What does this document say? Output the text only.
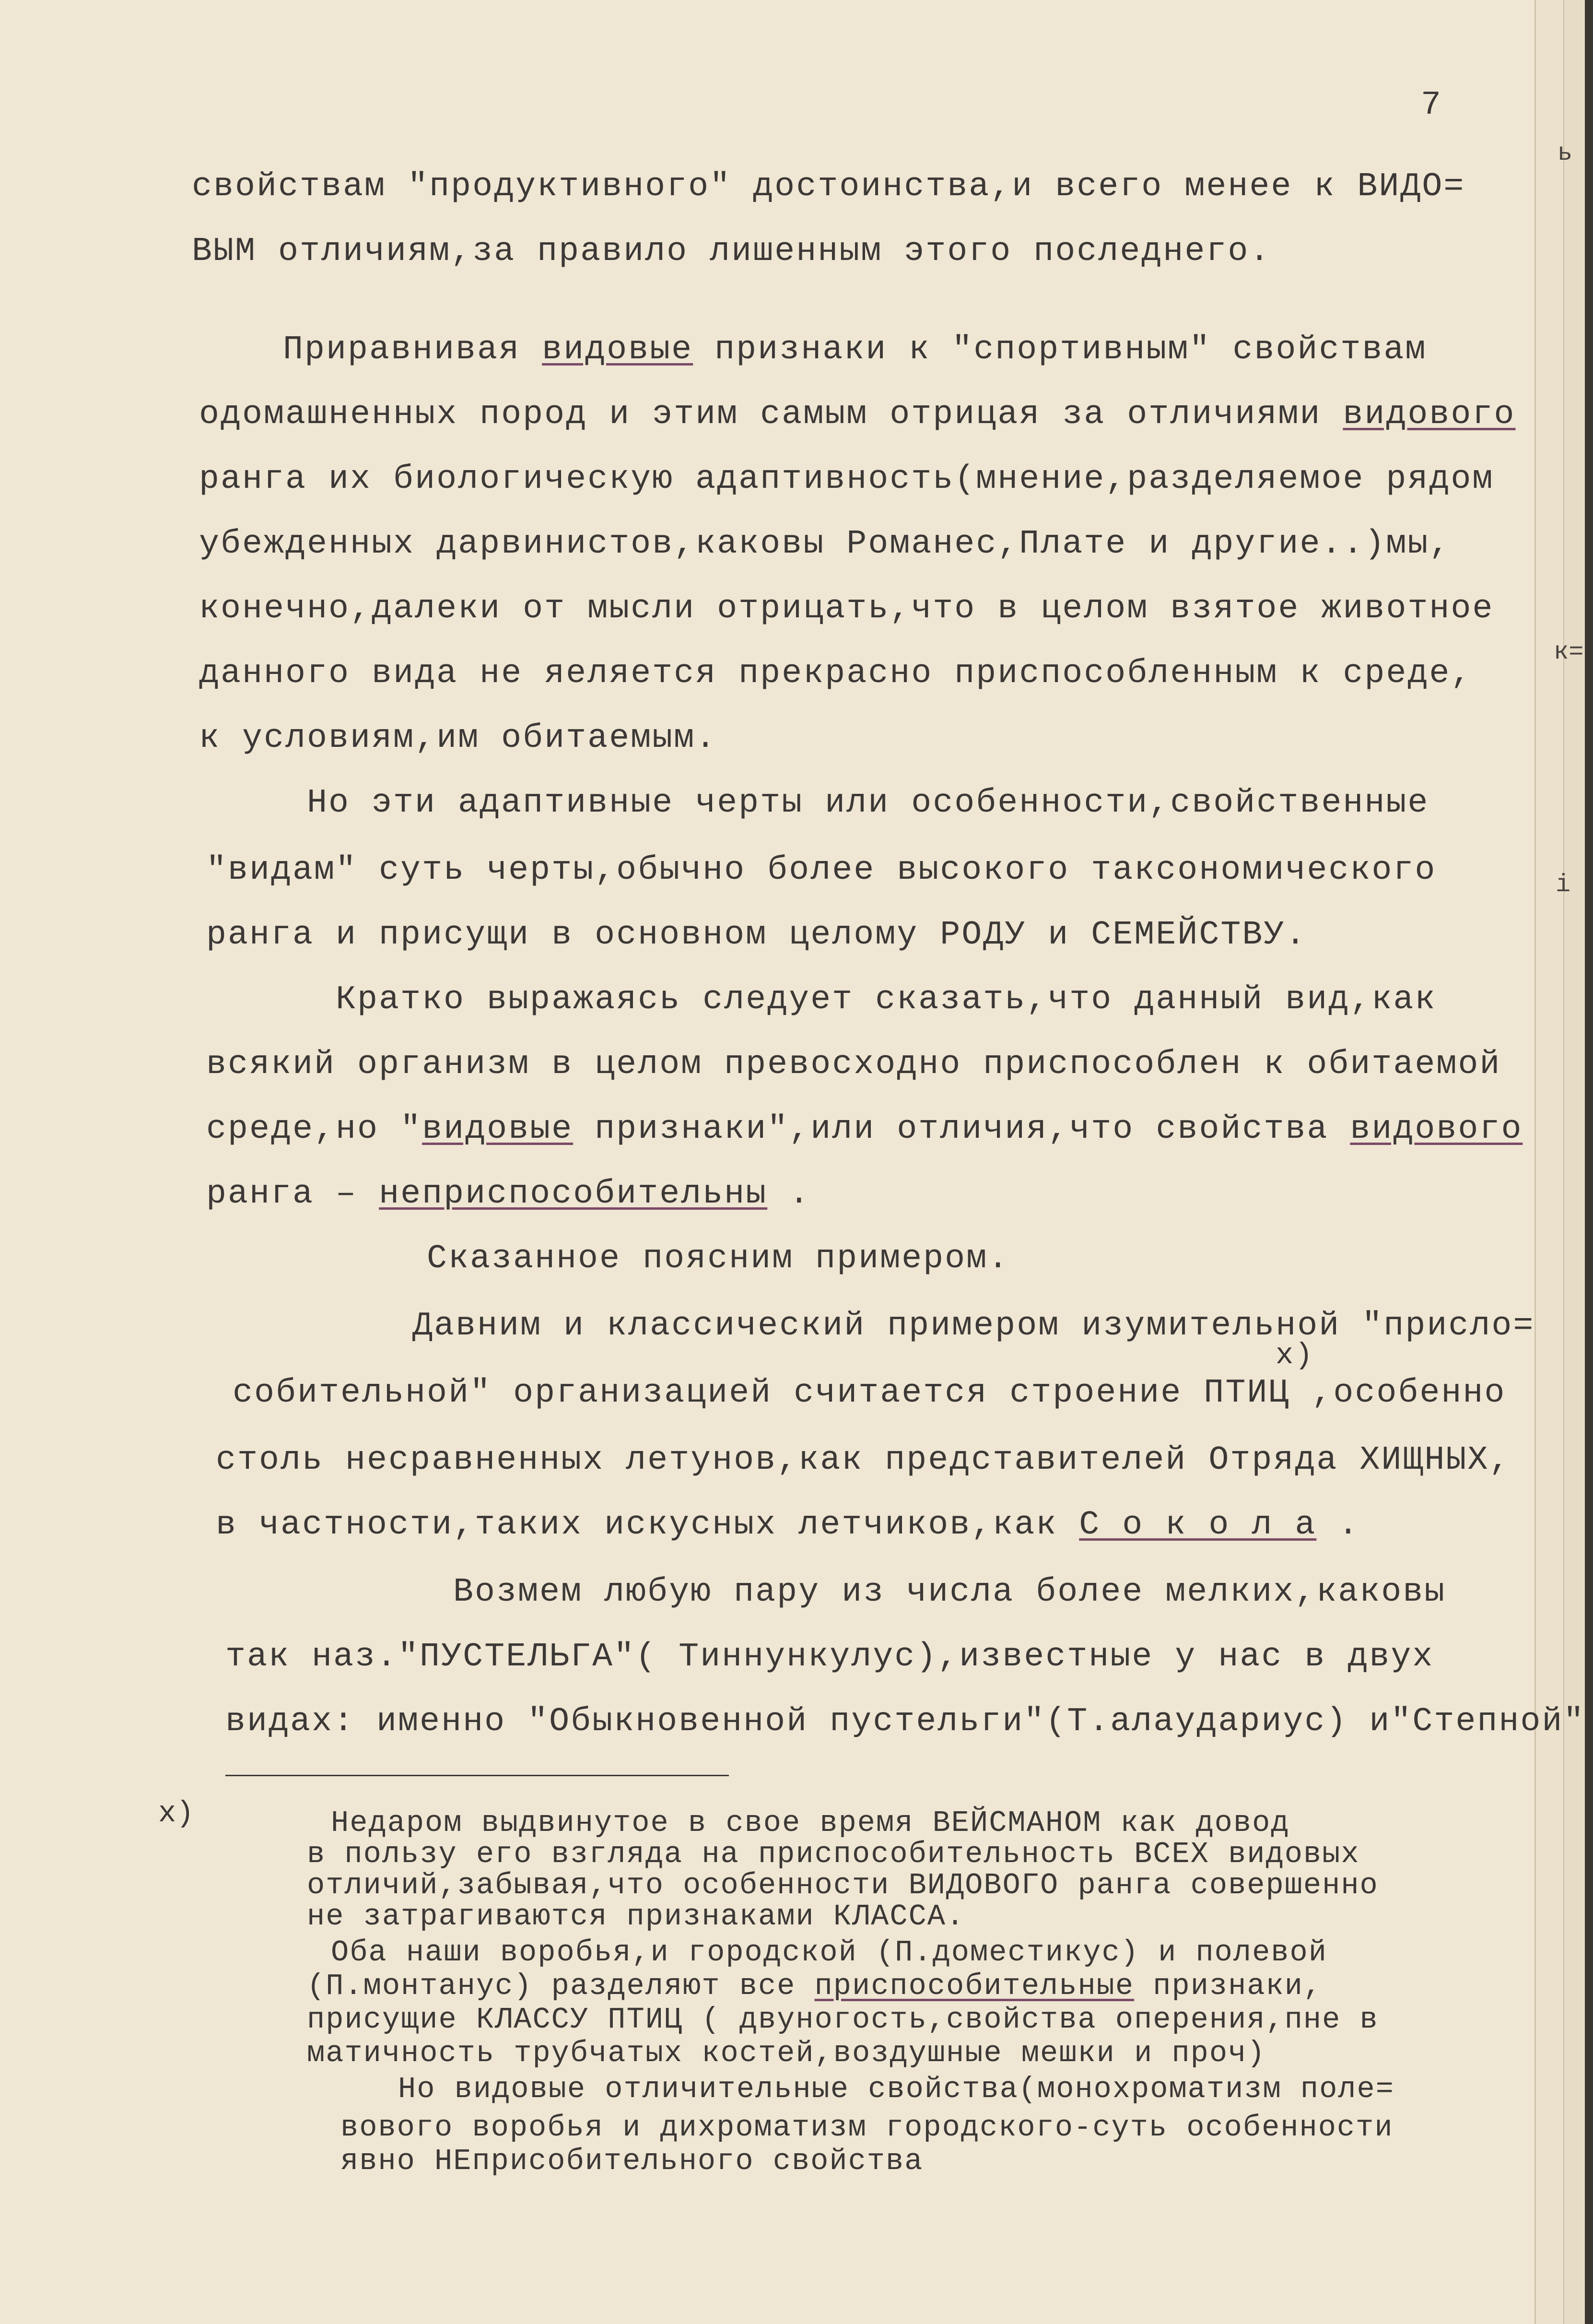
ь
к=
і
7
свойствам "продуктивного" достоинства,и всего менее к ВИДО=
ВЫМ отличиям,за правило лишенным этого последнего.
Приравнивая видовые признаки к "спортивным" свойствам
одомашненных пород и этим самым отрицая за отличиями видового
ранга их биологическую адаптивность(мнение,разделяемое рядом
убежденных дарвинистов,каковы Романес,Плате и другие..)мы,
конечно,далеки от мысли отрицать,что в целом взятое животное
данного вида не яеляется прекрасно приспособленным к среде,
к условиям,им обитаемым.
Но эти адаптивные черты или особенности,свойственные
"видам" суть черты,обычно более высокого таксономического
ранга и присущи в основном целому РОДУ и СЕМЕЙСТВУ.
Кратко выражаясь следует сказать,что данный вид,как
всякий организм в целом превосходно приспособлен к обитаемой
среде,но "видовые признаки",или отличия,что свойства видового
ранга – неприспособительны .
Сказанное поясним примером.
Давним и классический примером изумительной "присло=
x)
собительной" организацией считается строение ПТИЦ ,особенно
столь несравненных летунов,как представителей Отряда ХИЩНЫХ,
в частности,таких искусных летчиков,как С о к о л а .
Возмем любую пару из числа более мелких,каковы
так наз."ПУСТЕЛЬГА"( Тиннункулус),известные у нас в двух
видах: именно "Обыкновенной пустельги"(Т.алаудариус) и"Степной"
x)	Недаром выдвинутое в свое время ВЕЙСМАНОМ как довод
в пользу его взгляда на приспособительность ВСЕХ видовых
отличий,забывая,что особенности ВИДОВОГО ранга совершенно
не затрагиваются признаками КЛАССА.
Оба наши воробья,и городской (П.доместикус) и полевой
(П.монтанус) разделяют все приспособительные признаки,
присущие КЛАССУ ПТИЦ ( двуногость,свойства оперения,пне в
матичность трубчатых костей,воздушные мешки и проч)
Но видовые отличительные свойства(монохроматизм поле=
вового воробья и дихроматизм городского-суть особенности
явно НЕприсобительного свойства
